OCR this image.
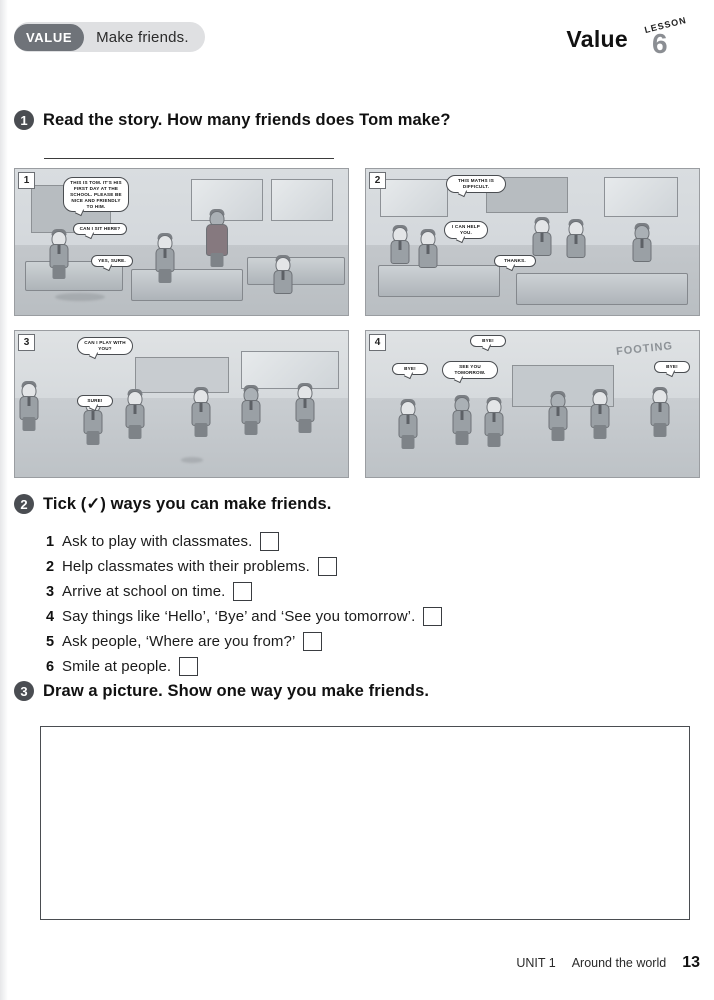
VALUE	Make friends.	Value
LESSON
6
1 Read the story. How many friends does Tom make?
THIS IS TOM. IT'S HIS FIRST DAY AT THE SCHOOL. PLEASE BE NICE AND FRIENDLY TO HIM.
CAN I SIT HERE?
YES, SURE.
1	THIS MATHS IS DIFFICULT.
I CAN HELP YOU.
THANKS.
2
CAN I PLAY WITH YOU?
SURE!
3	FOOTING
BYE!
SEE YOU TOMORROW.
BYE!	BYE!
4
2 Tick (✓) ways you can make friends.
1 Ask to play with classmates.
2 Help classmates with their problems.
3 Arrive at school on time.
4 Say things like ‘Hello’, ‘Bye’ and ‘See you tomorrow’.
5 Ask people, ‘Where are you from?’
6 Smile at people.
3 Draw a picture. Show one way you make friends.
UNIT 1 Around the world 13
